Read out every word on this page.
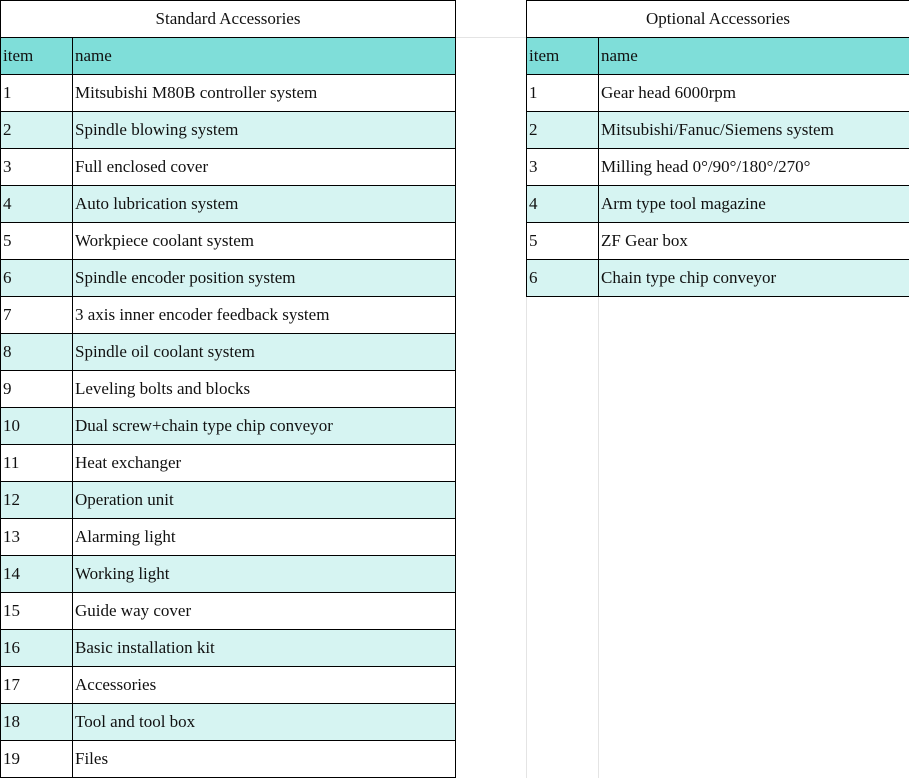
Standard Accessories	
item	name
1	Mitsubishi M80B controller system
2	Spindle blowing system
3	Full enclosed cover
4	Auto lubrication system
5	Workpiece coolant system
6	Spindle encoder position system
7	3 axis inner encoder feedback system
8	Spindle oil coolant system
9	Leveling bolts and blocks
10	Dual screw+chain type chip conveyor
11	Heat exchanger
12	Operation unit
13	Alarming light
14	Working light
15	Guide way cover
16	Basic installation kit
17	Accessories
18	Tool and tool box
19	Files
Optional Accessories	
item	name
1	Gear head 6000rpm
2	Mitsubishi/Fanuc/Siemens system
3	Milling head 0°/90°/180°/270°
4	Arm type tool magazine
5	ZF Gear box
6	Chain type chip conveyor
